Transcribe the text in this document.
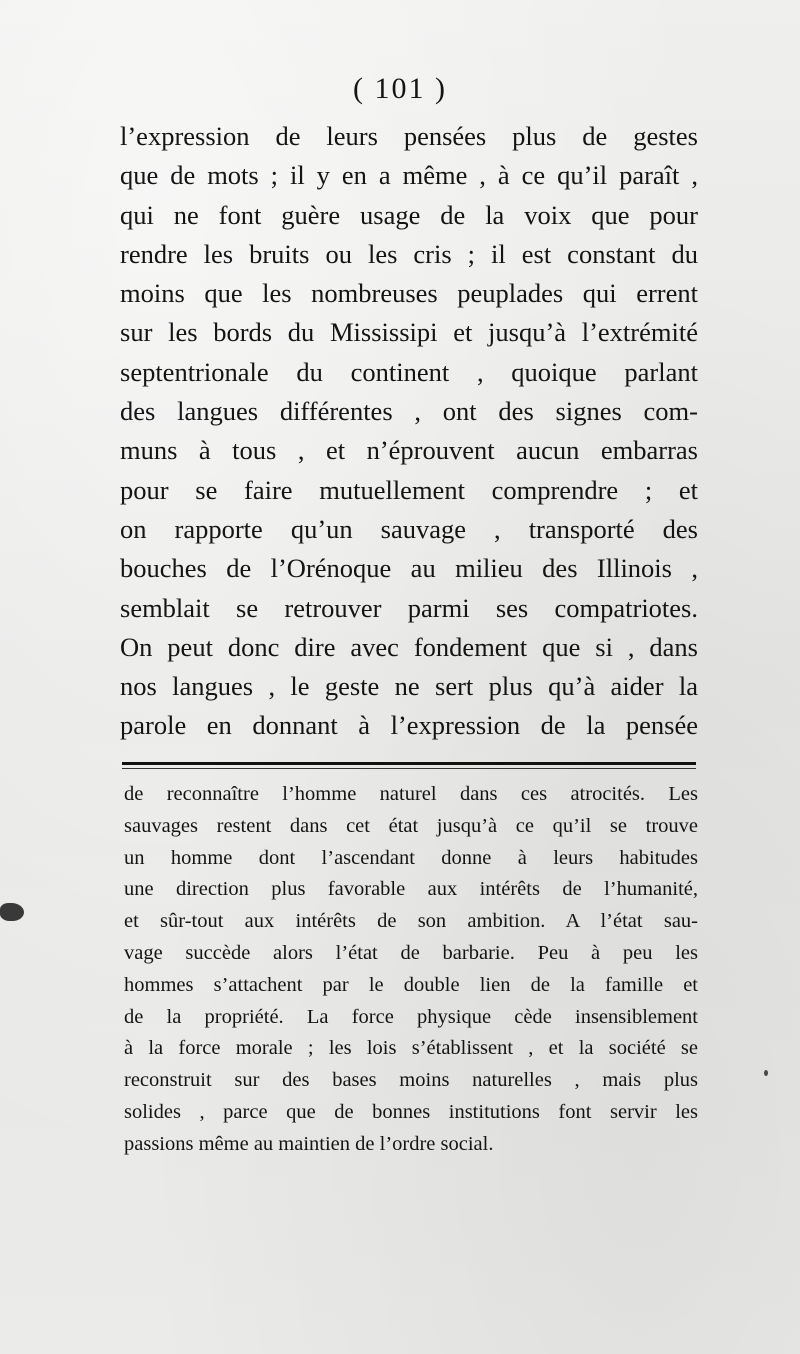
( 101 )
l’expression de leurs pensées plus de gestes
que de mots ; il y en a même , à ce qu’il paraît ,
qui ne font guère usage de la voix que pour
rendre les bruits ou les cris ; il est constant du
moins que les nombreuses peuplades qui errent
sur les bords du Mississipi et jusqu’à l’extrémité
septentrionale du continent , quoique parlant
des langues différentes , ont des signes com-
muns à tous , et n’éprouvent aucun embarras
pour se faire mutuellement comprendre ; et
on rapporte qu’un sauvage , transporté des
bouches de l’Orénoque au milieu des Illinois ,
semblait se retrouver parmi ses compatriotes.
On peut donc dire avec fondement que si , dans
nos langues , le geste ne sert plus qu’à aider la
parole en donnant à l’expression de la pensée
de reconnaître l’homme naturel dans ces atrocités. Les
sauvages restent dans cet état jusqu’à ce qu’il se trouve
un homme dont l’ascendant donne à leurs habitudes
une direction plus favorable aux intérêts de l’humanité,
et sûr-tout aux intérêts de son ambition. A l’état sau-
vage succède alors l’état de barbarie. Peu à peu les
hommes s’attachent par le double lien de la famille et
de la propriété. La force physique cède insensiblement
à la force morale ; les lois s’établissent , et la société se
reconstruit sur des bases moins naturelles , mais plus
solides , parce que de bonnes institutions font servir les
passions même au maintien de l’ordre social.
